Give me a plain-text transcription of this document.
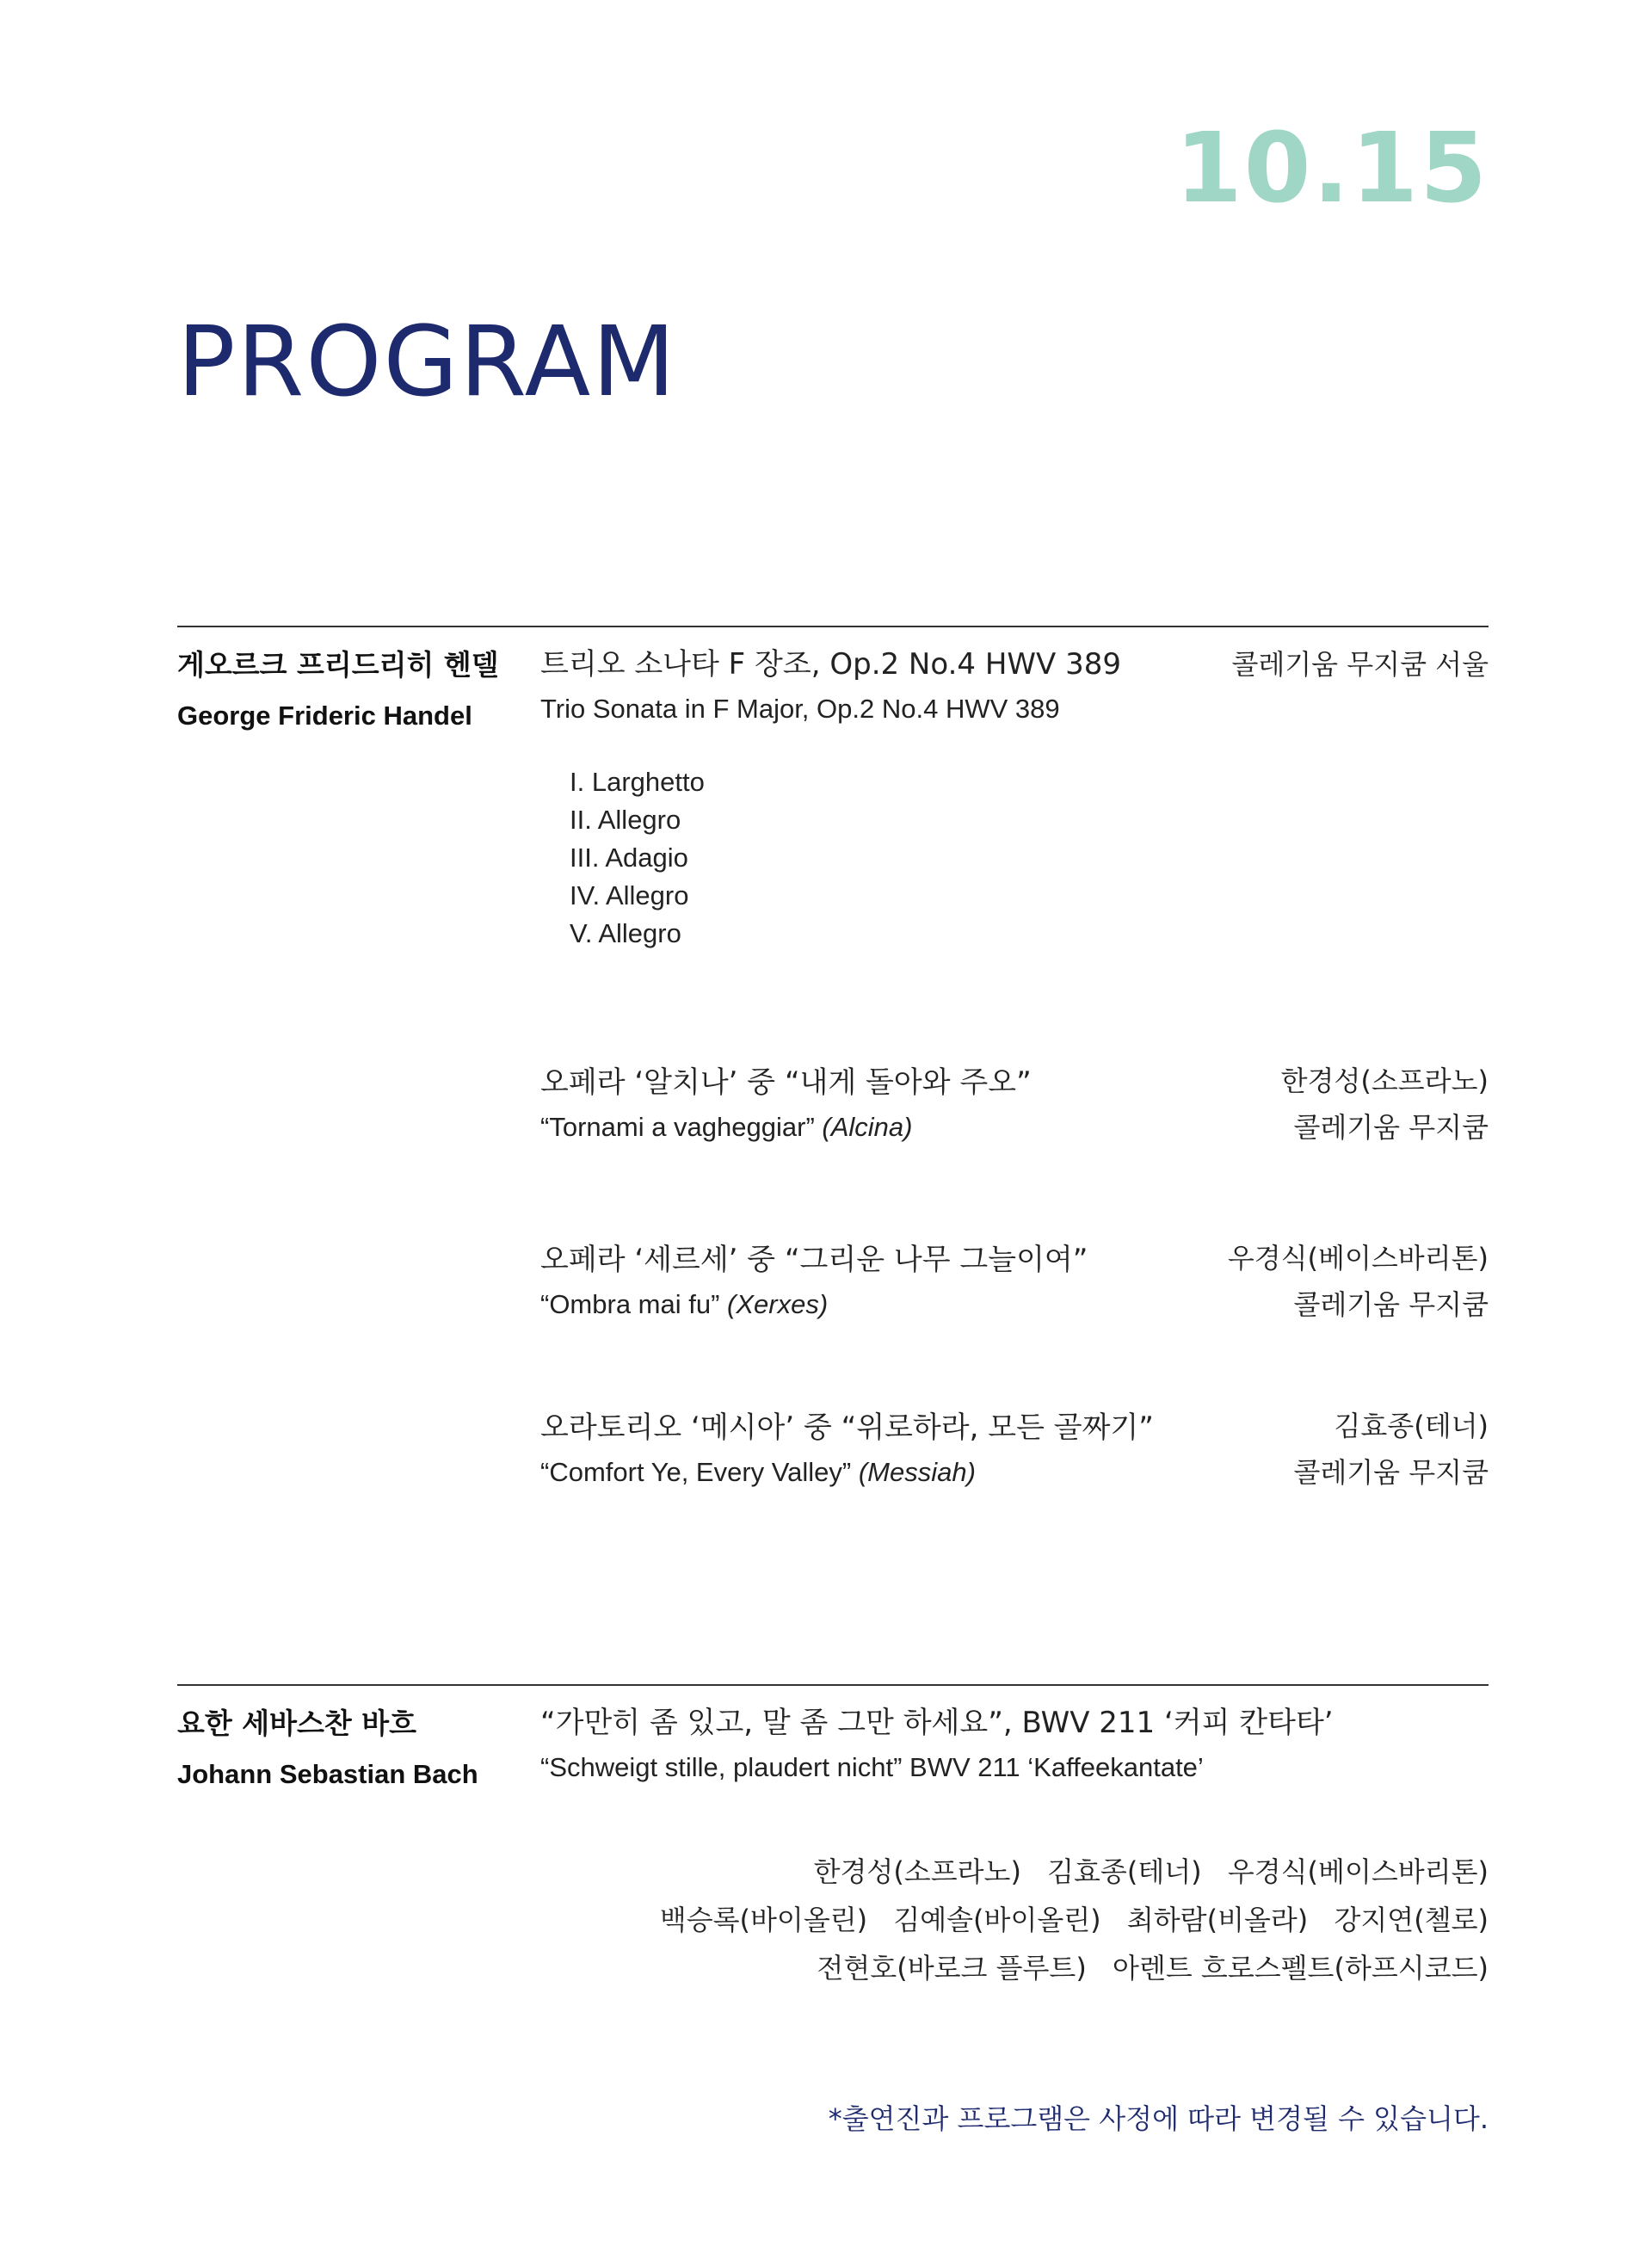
10.15
PROGRAM
게오르크 프리드리히 헨델
George Frideric Handel
트리오 소나타 F 장조, Op.2 No.4 HWV 389
Trio Sonata in F Major, Op.2 No.4 HWV 389
콜레기움 무지쿰 서울
I. Larghetto
II. Allegro
III. Adagio
IV. Allegro
V. Allegro
오페라 ‘알치나’ 중 “내게 돌아와 주오”
“Tornami a vagheggiar” (Alcina)
한경성(소프라노)
콜레기움 무지쿰
오페라 ‘세르세’ 중 “그리운 나무 그늘이여”
“Ombra mai fu” (Xerxes)
우경식(베이스바리톤)
콜레기움 무지쿰
오라토리오 ‘메시아’ 중 “위로하라, 모든 골짜기”
“Comfort Ye, Every Valley” (Messiah)
김효종(테너)
콜레기움 무지쿰
요한 세바스찬 바흐
Johann Sebastian Bach
“가만히 좀 있고, 말 좀 그만 하세요”, BWV 211 ‘커피 칸타타’
“Schweigt stille, plaudert nicht” BWV 211 ‘Kaffeekantate’
한경성(소프라노) 김효종(테너) 우경식(베이스바리톤)
백승록(바이올린) 김예솔(바이올린) 최하람(비올라) 강지연(첼로)
전현호(바로크 플루트) 아렌트 흐로스펠트(하프시코드)
*출연진과 프로그램은 사정에 따라 변경될 수 있습니다.
